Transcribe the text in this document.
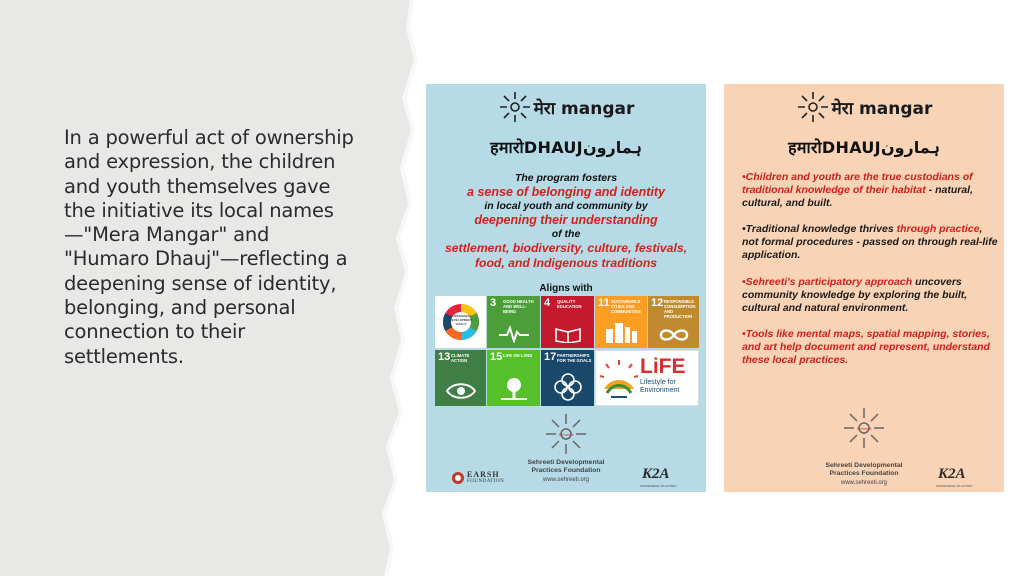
In a powerful act of ownership and expression, the children and youth themselves gave the initiative its local names—"Mera Mangar" and "Humaro Dhauj"—reflecting a deepening sense of identity, belonging, and personal connection to their settlements.
मेरा mangar
हमारोDHAUJہمارون
The program fosters
a sense of belonging and identity
in local youth and community by
deepening their understanding
of the
settlement, biodiversity, culture, festivals,
food, and Indigenous traditions
Aligns with
SUSTAINABLE DEVELOPMENT GOALS
3 GOOD HEALTH AND WELL-BEING
4 QUALITY EDUCATION	11 SUSTAINABLE CITIES AND COMMUNITIES
12 RESPONSIBLE CONSUMPTION AND PRODUCTION
13 CLIMATE ACTION	15 LIFE ON LAND	17 PARTNERSHIPS FOR THE GOALS LiFE
Lifestyle for
Environment
Sehreeti
Sehreeti Developmental
Practices Foundation
www.sehreeti.org
EARSH
FOUNDATION	K2A
KNOWLEDGE TO ACTION
मेरा mangar
हमारोDHAUJہمارون

•Children and youth are the true custodians of traditional knowledge of their habitat - natural, cultural, and built.

•Traditional knowledge thrives through practice, not formal procedures - passed on through real-life application.

•Sehreeti's participatory approach uncovers community knowledge by exploring the built, cultural and natural environment.

•Tools like mental maps, spatial mapping, stories, and art help document and represent, understand these local practices.

Sehreeti
Sehreeti Developmental
Practices Foundation
www.sehreeti.org
K2A
KNOWLEDGE TO ACTION
